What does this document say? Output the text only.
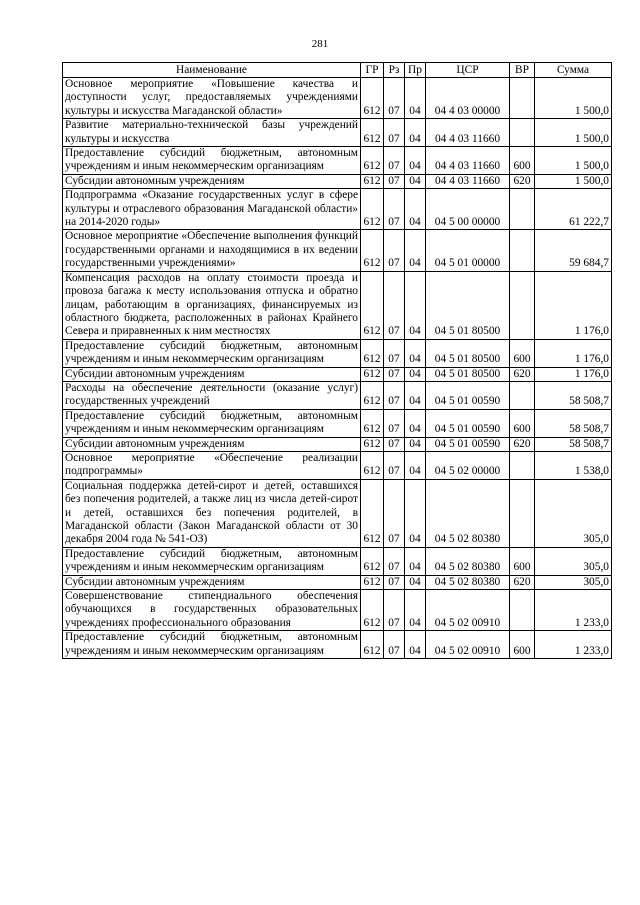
281
Наименование	ГР	Рз	Пр	ЦСР	ВР	Сумма
Основное мероприятие «Повышение качества и доступности услуг, предоставляемых учреждениями культуры и искусства Магаданской области»	612	07	04	04 4 03 00000		1 500,0
Развитие материально-технической базы учреждений культуры и искусства	612	07	04	04 4 03 11660		1 500,0
Предоставление субсидий бюджетным, автономным учреждениям и иным некоммерческим организациям	612	07	04	04 4 03 11660	600	1 500,0
Субсидии автономным учреждениям	612	07	04	04 4 03 11660	620	1 500,0
Подпрограмма «Оказание государственных услуг в сфере культуры и отраслевого образования Магаданской области» на 2014-2020 годы»	612	07	04	04 5 00 00000		61 222,7
Основное мероприятие «Обеспечение выполнения функций государственными органами и находящимися в их ведении государственными учреждениями»	612	07	04	04 5 01 00000		59 684,7
Компенсация расходов на оплату стоимости проезда и провоза багажа к месту использования отпуска и обратно лицам, работающим в организациях, финансируемых из областного бюджета, расположенных в районах Крайнего Севера и приравненных к ним местностях	612	07	04	04 5 01 80500		1 176,0
Предоставление субсидий бюджетным, автономным учреждениям и иным некоммерческим организациям	612	07	04	04 5 01 80500	600	1 176,0
Субсидии автономным учреждениям	612	07	04	04 5 01 80500	620	1 176,0
Расходы на обеспечение деятельности (оказание услуг) государственных учреждений	612	07	04	04 5 01 00590		58 508,7
Предоставление субсидий бюджетным, автономным учреждениям и иным некоммерческим организациям	612	07	04	04 5 01 00590	600	58 508,7
Субсидии автономным учреждениям	612	07	04	04 5 01 00590	620	58 508,7
Основное мероприятие «Обеспечение реализации подпрограммы»	612	07	04	04 5 02 00000		1 538,0
Социальная поддержка детей-сирот и детей, оставшихся без попечения родителей, а также лиц из числа детей-сирот и детей, оставшихся без попечения родителей, в Магаданской области (Закон Магаданской области от 30 декабря 2004 года № 541-ОЗ)	612	07	04	04 5 02 80380		305,0
Предоставление субсидий бюджетным, автономным учреждениям и иным некоммерческим организациям	612	07	04	04 5 02 80380	600	305,0
Субсидии автономным учреждениям	612	07	04	04 5 02 80380	620	305,0
Совершенствование стипендиального обеспечения обучающихся в государственных образовательных учреждениях профессионального образования	612	07	04	04 5 02 00910		1 233,0
Предоставление субсидий бюджетным, автономным учреждениям и иным некоммерческим организациям	612	07	04	04 5 02 00910	600	1 233,0
